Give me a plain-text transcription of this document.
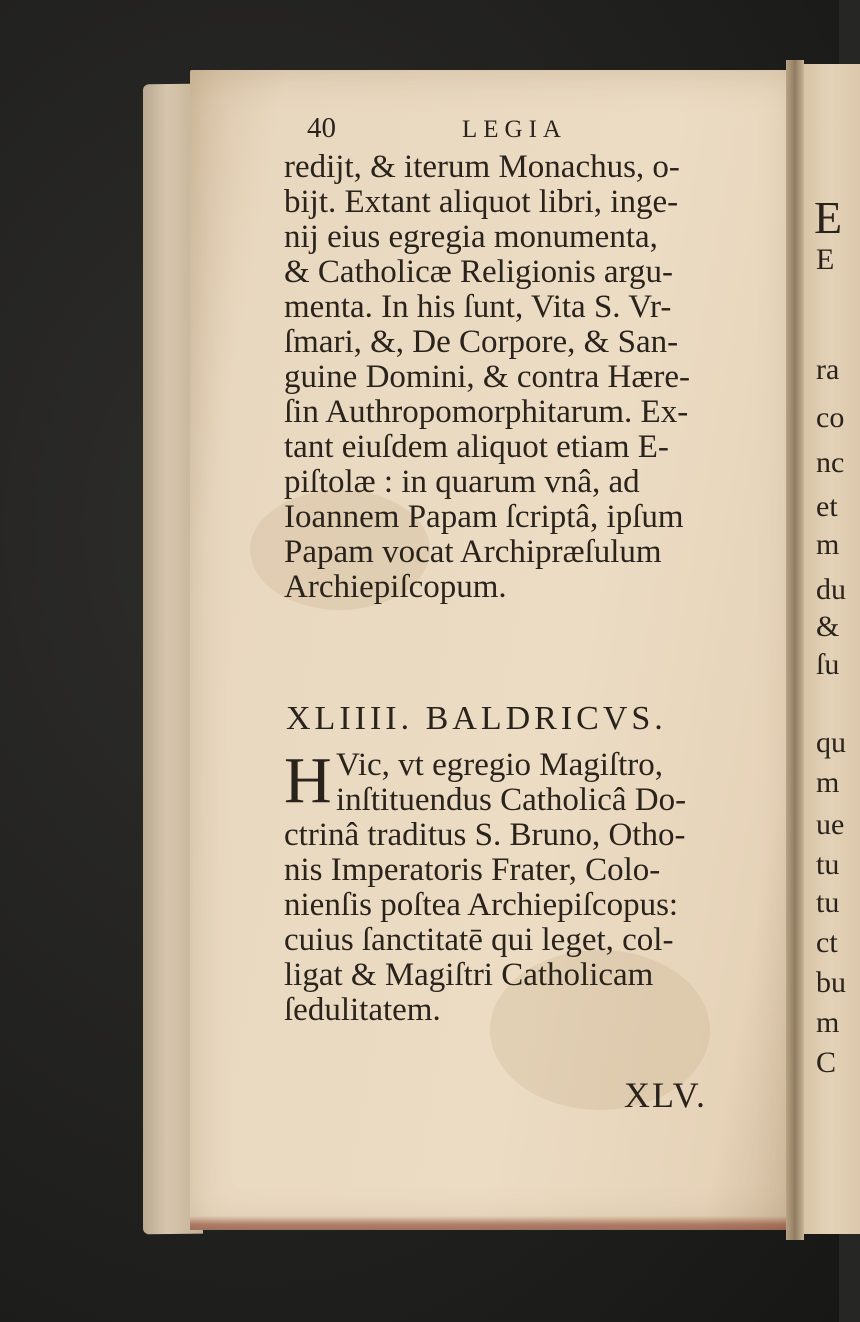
E
E
ra
co
nc
et
m
du
&
ſu
qu
m
ue
tu
tu
ct
bu
m
C
40	LEGIA
redijt, & iterum Monachus, o-
bijt. Extant aliquot libri, inge-
nij eius egregia monumenta,
& Catholicæ Religionis argu-
menta. In his ſunt, Vita S. Vr-
ſmari, &, De Corpore, & San-
guine Domini, & contra Hære-
ſin Authropomorphitarum. Ex-
tant eiuſdem aliquot etiam E-
piſtolæ : in quarum vnâ, ad
Ioannem Papam ſcriptâ, ipſum
Papam vocat Archipræſulum
Archiepiſcopum.
XLIIII. BALDRICVS.
H Vic, vt egregio Magiſtro,
inſtituendus Catholicâ Do-
ctrinâ traditus S. Bruno, Otho-
nis Imperatoris Frater, Colo-
nienſis poſtea Archiepiſcopus:
cuius ſanctitatē qui leget, col-
ligat & Magiſtri Catholicam
ſedulitatem.
XLV.
